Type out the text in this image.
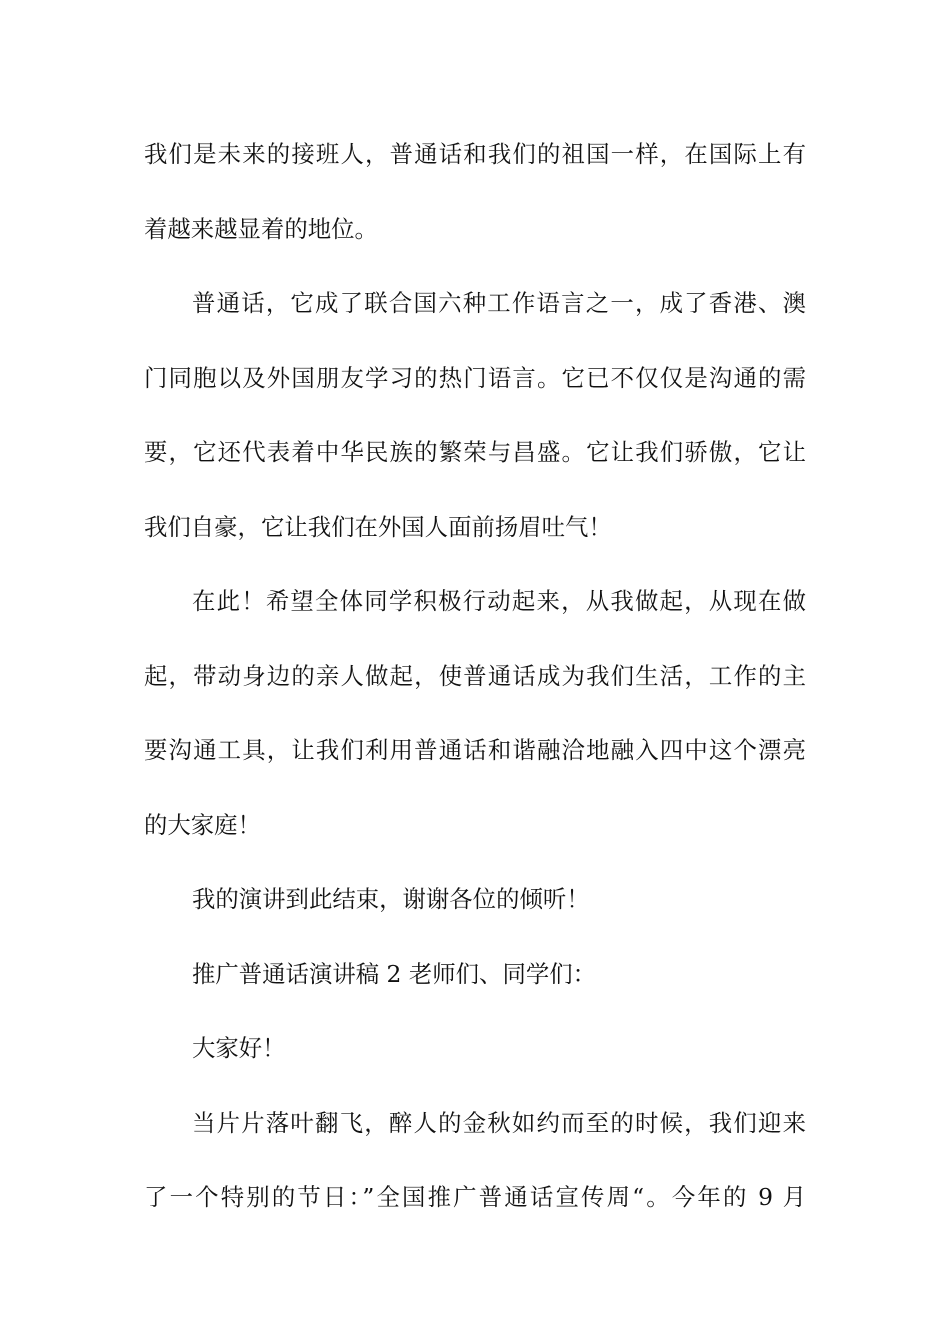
我们是未来的接班人，普通话和我们的祖国一样，在国际上有
着越来越显着的地位。
普通话，它成了联合国六种工作语言之一，成了香港、澳
门同胞以及外国朋友学习的热门语言。它已不仅仅是沟通的需
要，它还代表着中华民族的繁荣与昌盛。它让我们骄傲，它让
我们自豪，它让我们在外国人面前扬眉吐气！
在此！希望全体同学积极行动起来，从我做起，从现在做
起，带动身边的亲人做起，使普通话成为我们生活，工作的主
要沟通工具，让我们利用普通话和谐融洽地融入四中这个漂亮
的大家庭！
我的演讲到此结束，谢谢各位的倾听！
推广普通话演讲稿 2 老师们、同学们：
大家好！
当片片落叶翻飞，醉人的金秋如约而至的时候，我们迎来
了一个特别的节日：”全国推广普通话宣传周“。今年的 9 月
